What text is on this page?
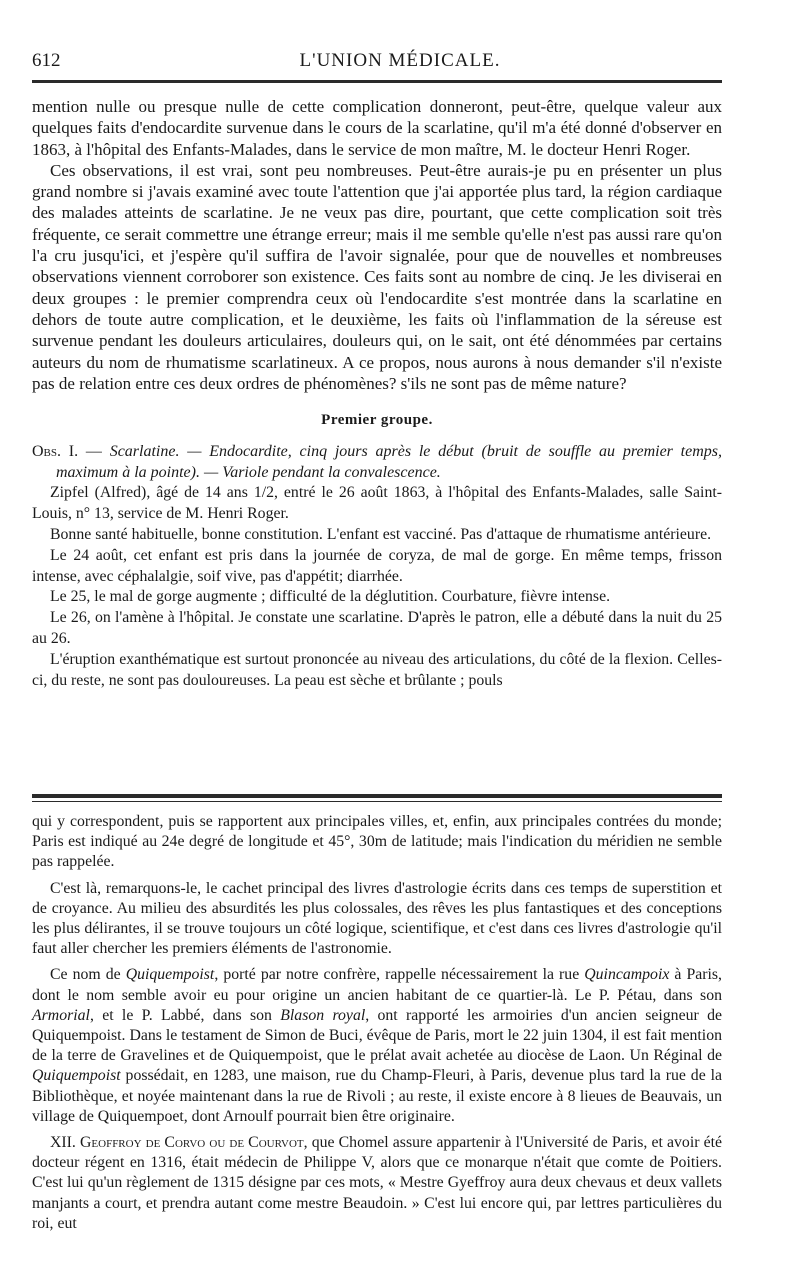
612	L'UNION MÉDICALE.

mention nulle ou presque nulle de cette complication donneront, peut-être, quelque valeur aux quelques faits d'endocardite survenue dans le cours de la scarlatine, qu'il m'a été donné d'observer en 1863, à l'hôpital des Enfants-Malades, dans le service de mon maître, M. le docteur Henri Roger.

Ces observations, il est vrai, sont peu nombreuses. Peut-être aurais-je pu en présenter un plus grand nombre si j'avais examiné avec toute l'attention que j'ai apportée plus tard, la région cardiaque des malades atteints de scarlatine. Je ne veux pas dire, pourtant, que cette complication soit très fréquente, ce serait commettre une étrange erreur; mais il me semble qu'elle n'est pas aussi rare qu'on l'a cru jusqu'ici, et j'espère qu'il suffira de l'avoir signalée, pour que de nouvelles et nombreuses observations viennent corroborer son existence. Ces faits sont au nombre de cinq. Je les diviserai en deux groupes : le premier comprendra ceux où l'endocardite s'est montrée dans la scarlatine en dehors de toute autre complication, et le deuxième, les faits où l'inflammation de la séreuse est survenue pendant les douleurs articulaires, douleurs qui, on le sait, ont été dénommées par certains auteurs du nom de rhumatisme scarlatineux. A ce propos, nous aurons à nous demander s'il n'existe pas de relation entre ces deux ordres de phénomènes? s'ils ne sont pas de même nature?

Premier groupe.

Obs. I. — Scarlatine. — Endocardite, cinq jours après le début (bruit de souffle au premier temps, maximum à la pointe). — Variole pendant la convalescence.

Zipfel (Alfred), âgé de 14 ans 1/2, entré le 26 août 1863, à l'hôpital des Enfants-Malades, salle Saint-Louis, n° 13, service de M. Henri Roger.

Bonne santé habituelle, bonne constitution. L'enfant est vacciné. Pas d'attaque de rhumatisme antérieure.

Le 24 août, cet enfant est pris dans la journée de coryza, de mal de gorge. En même temps, frisson intense, avec céphalalgie, soif vive, pas d'appétit; diarrhée.

Le 25, le mal de gorge augmente ; difficulté de la déglutition. Courbature, fièvre intense.

Le 26, on l'amène à l'hôpital. Je constate une scarlatine. D'après le patron, elle a débuté dans la nuit du 25 au 26.

L'éruption exanthématique est surtout prononcée au niveau des articulations, du côté de la flexion. Celles-ci, du reste, ne sont pas douloureuses. La peau est sèche et brûlante ; pouls

qui y correspondent, puis se rapportent aux principales villes, et, enfin, aux principales contrées du monde; Paris est indiqué au 24e degré de longitude et 45°, 30m de latitude; mais l'indication du méridien ne semble pas rappelée.

C'est là, remarquons-le, le cachet principal des livres d'astrologie écrits dans ces temps de superstition et de croyance. Au milieu des absurdités les plus colossales, des rêves les plus fantastiques et des conceptions les plus délirantes, il se trouve toujours un côté logique, scientifique, et c'est dans ces livres d'astrologie qu'il faut aller chercher les premiers éléments de l'astronomie.

Ce nom de Quiquempoist, porté par notre confrère, rappelle nécessairement la rue Quincampoix à Paris, dont le nom semble avoir eu pour origine un ancien habitant de ce quartier-là. Le P. Pétau, dans son Armorial, et le P. Labbé, dans son Blason royal, ont rapporté les armoiries d'un ancien seigneur de Quiquempoist. Dans le testament de Simon de Buci, évêque de Paris, mort le 22 juin 1304, il est fait mention de la terre de Gravelines et de Quiquempoist, que le prélat avait achetée au diocèse de Laon. Un Réginal de Quiquempoist possédait, en 1283, une maison, rue du Champ-Fleuri, à Paris, devenue plus tard la rue de la Bibliothèque, et noyée maintenant dans la rue de Rivoli ; au reste, il existe encore à 8 lieues de Beauvais, un village de Quiquempoet, dont Arnoulf pourrait bien être originaire.

XII. Geoffroy de Corvo ou de Courvot, que Chomel assure appartenir à l'Université de Paris, et avoir été docteur régent en 1316, était médecin de Philippe V, alors que ce monarque n'était que comte de Poitiers. C'est lui qu'un règlement de 1315 désigne par ces mots, « Mestre Gyeffroy aura deux chevaus et deux vallets manjants a court, et prendra autant come mestre Beaudoin. » C'est lui encore qui, par lettres particulières du roi, eut
